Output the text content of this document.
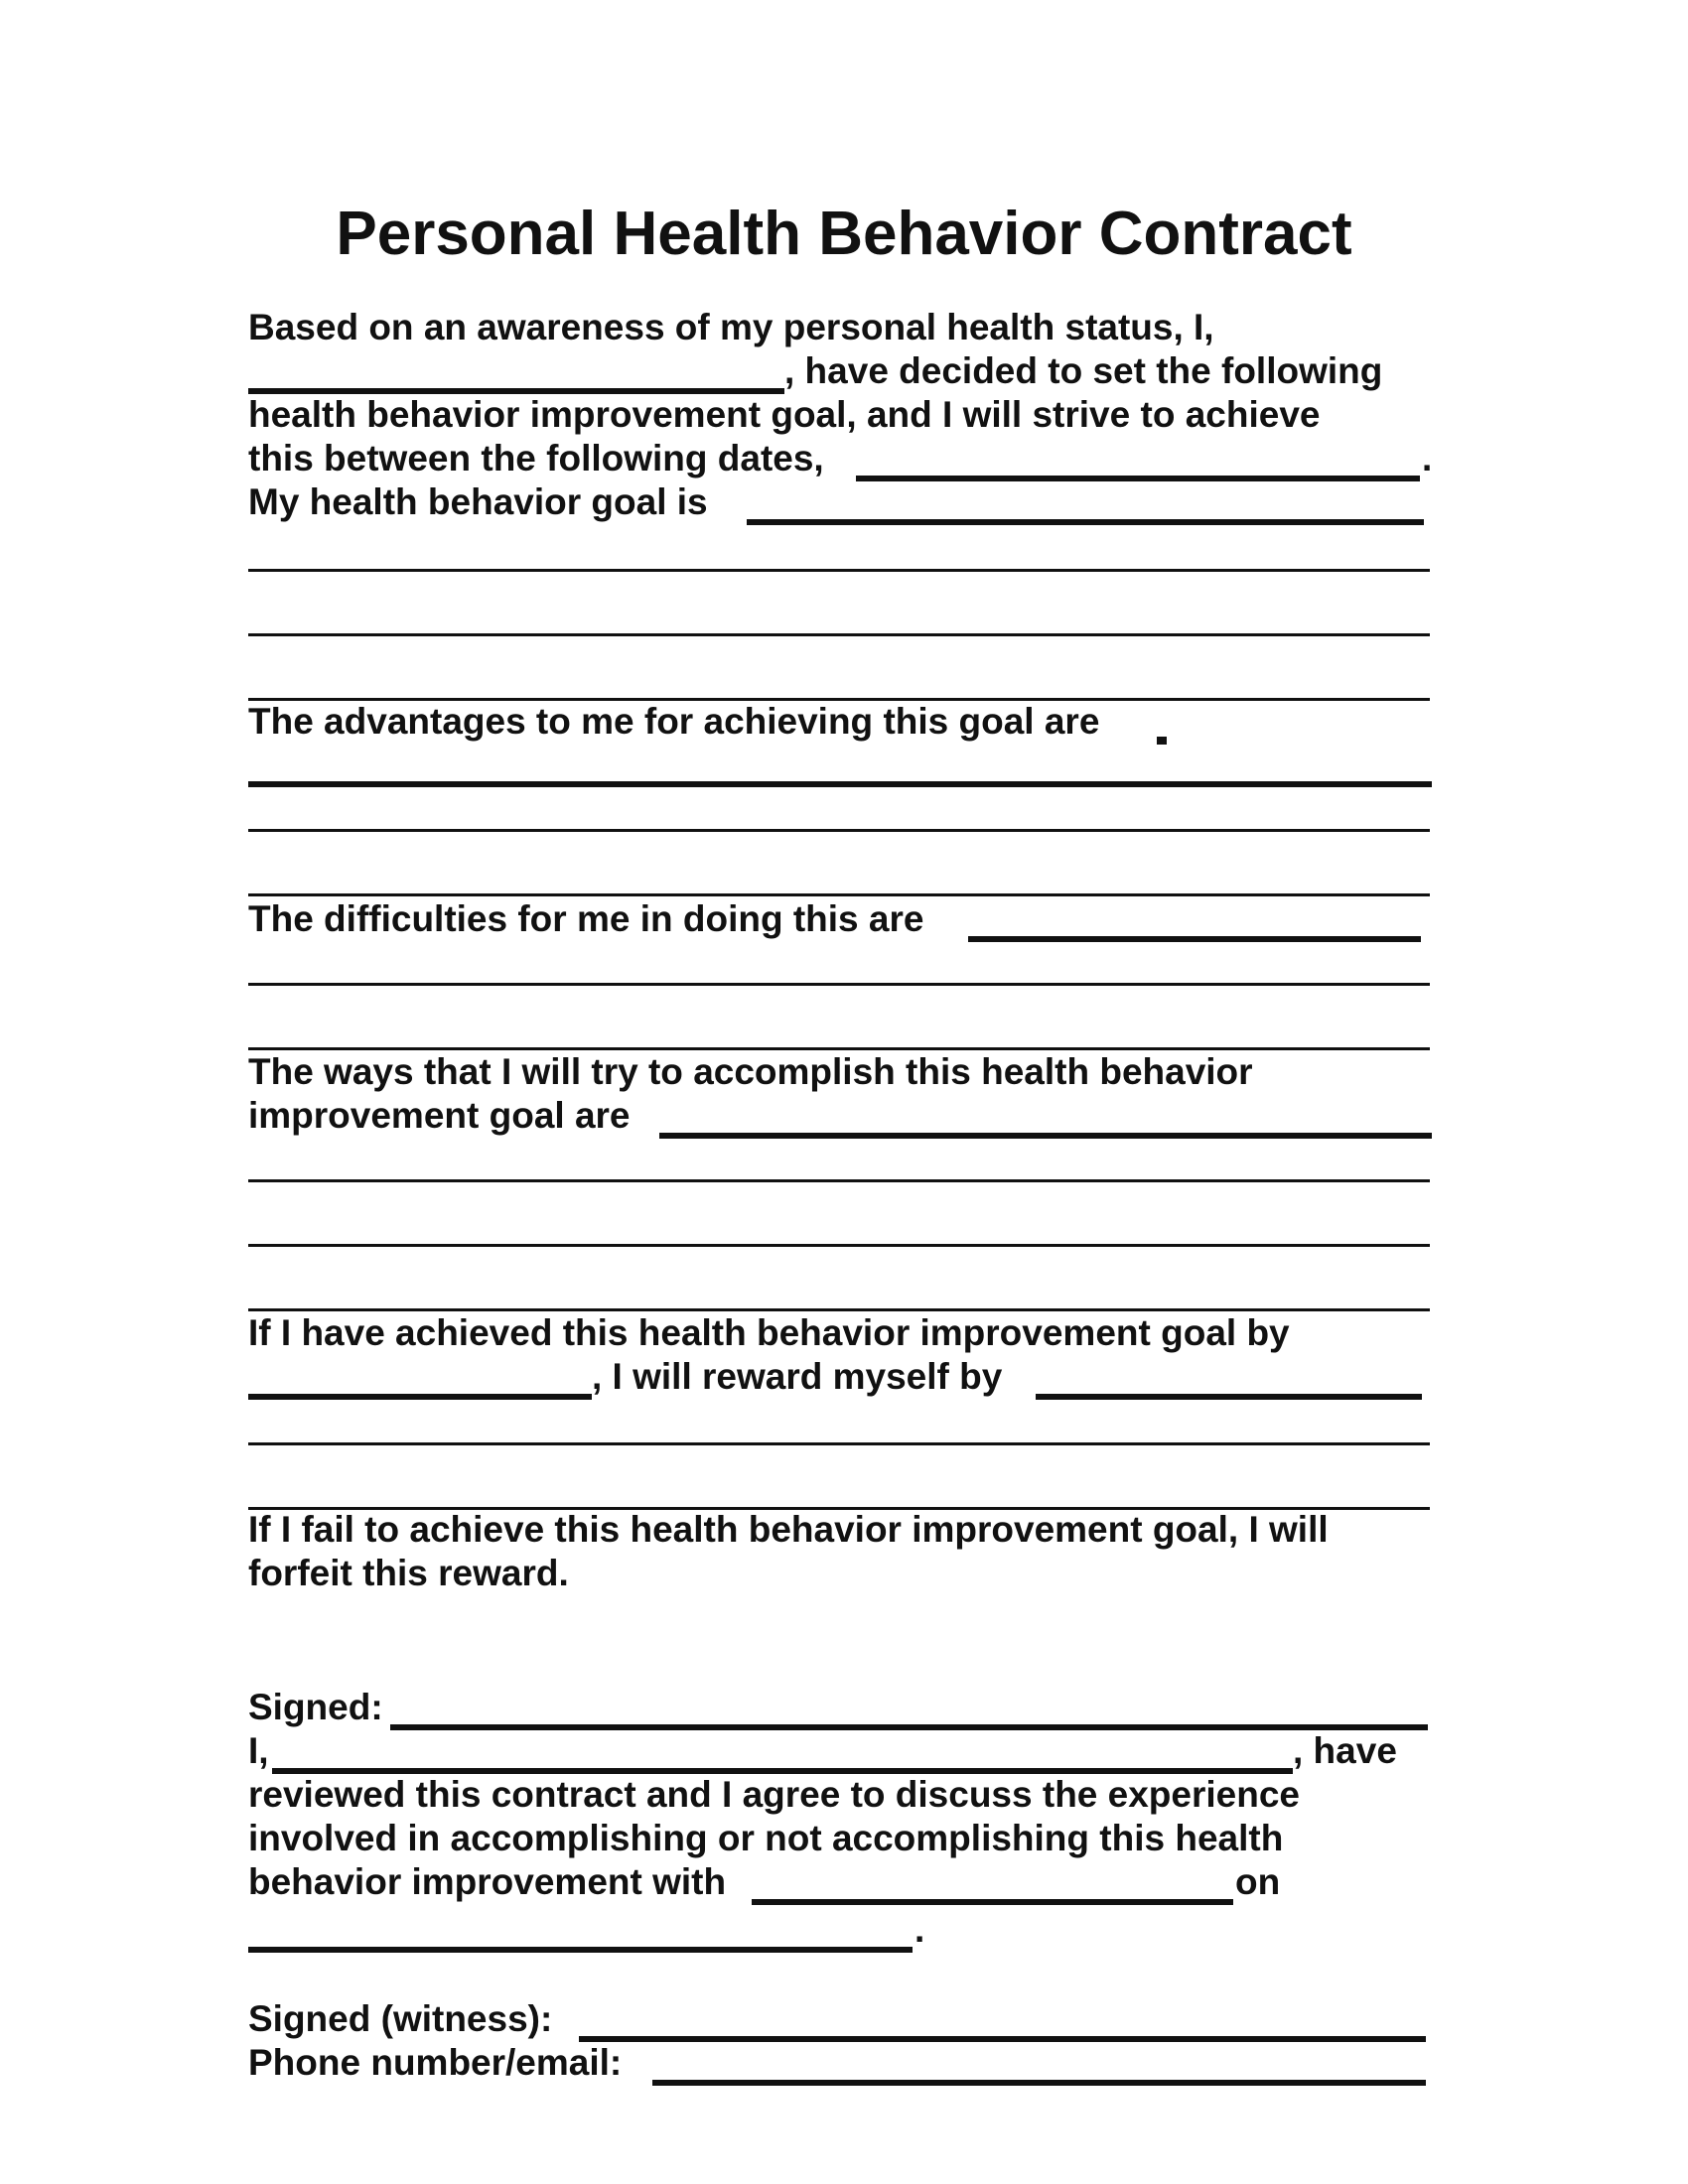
Personal Health Behavior Contract
Based on an awareness of my personal health status, I,
, have decided to set the following
health behavior improvement goal, and I will strive to achieve
this between the following dates,	.
My health behavior goal is
The advantages to me for achieving this goal are
The difficulties for me in doing this are
The ways that I will try to accomplish this health behavior
improvement goal are
If I have achieved this health behavior improvement goal by
, I will reward myself by
If I fail to achieve this health behavior improvement goal, I will
forfeit this reward.
Signed:
I,	, have
reviewed this contract and I agree to discuss the experience
involved in accomplishing or not accomplishing this health
behavior improvement with	on
.
Signed (witness):
Phone number/email:
